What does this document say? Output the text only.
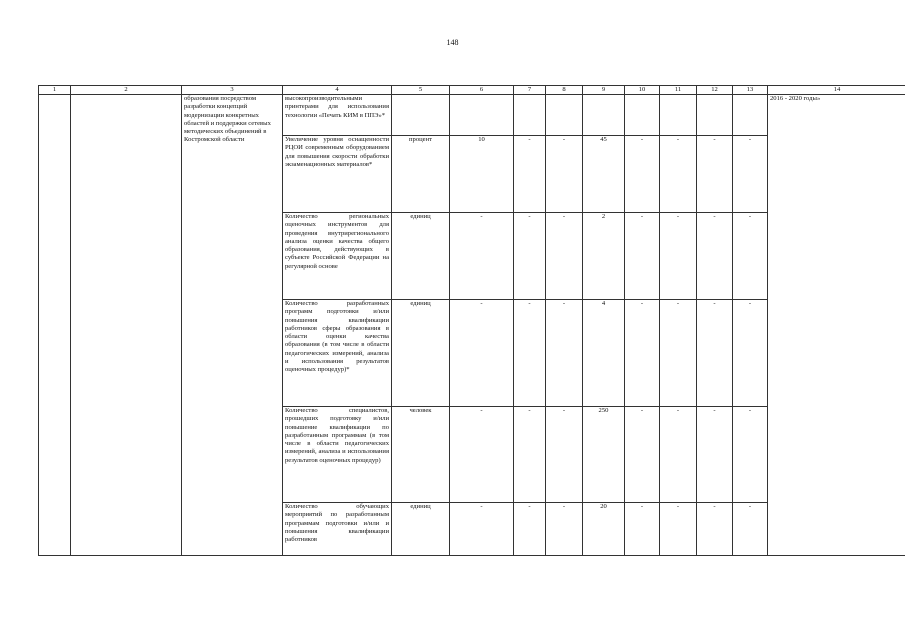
148
1	2	3	4	5	6	7	8	9	10	11	12	13	14
		образования посредством разработки концепций модернизации конкретных областей и поддержки сетевых методических объединений в Костромской области	высокопроизводительными принтерами для использования технологии «Печать КИМ в ППЭ»*										2016 - 2020 годы»
			Увеличение уровня оснащенности РЦОИ современным оборудованием для повышения скорости обработки экзаменационных материалов*	процент	10	-	-	45	-	-	-	-	
			Количество региональных оценочных инструментов для проведения внутрирегионального анализа оценки качества общего образования, действующих в субъекте Российской Федерации на регулярной основе	единиц	-	-	-	2	-	-	-	-	
			Количество разработанных программ подготовки и/или повышения квалификации работников сферы образования в области оценки качества образования (в том числе в области педагогических измерений, анализа и использования результатов оценочных процедур)*	единиц	-	-	-	4	-	-	-	-	
			Количество специалистов, прошедших подготовку и/или повышение квалификации по разработанным программам (в том числе в области педагогических измерений, анализа и использования результатов оценочных процедур)	человек	-	-	-	250	-	-	-	-	
			Количество обучающих мероприятий по разработанным программам подготовки и/или и повышения квалификации работников	единиц	-	-	-	20	-	-	-	-	
